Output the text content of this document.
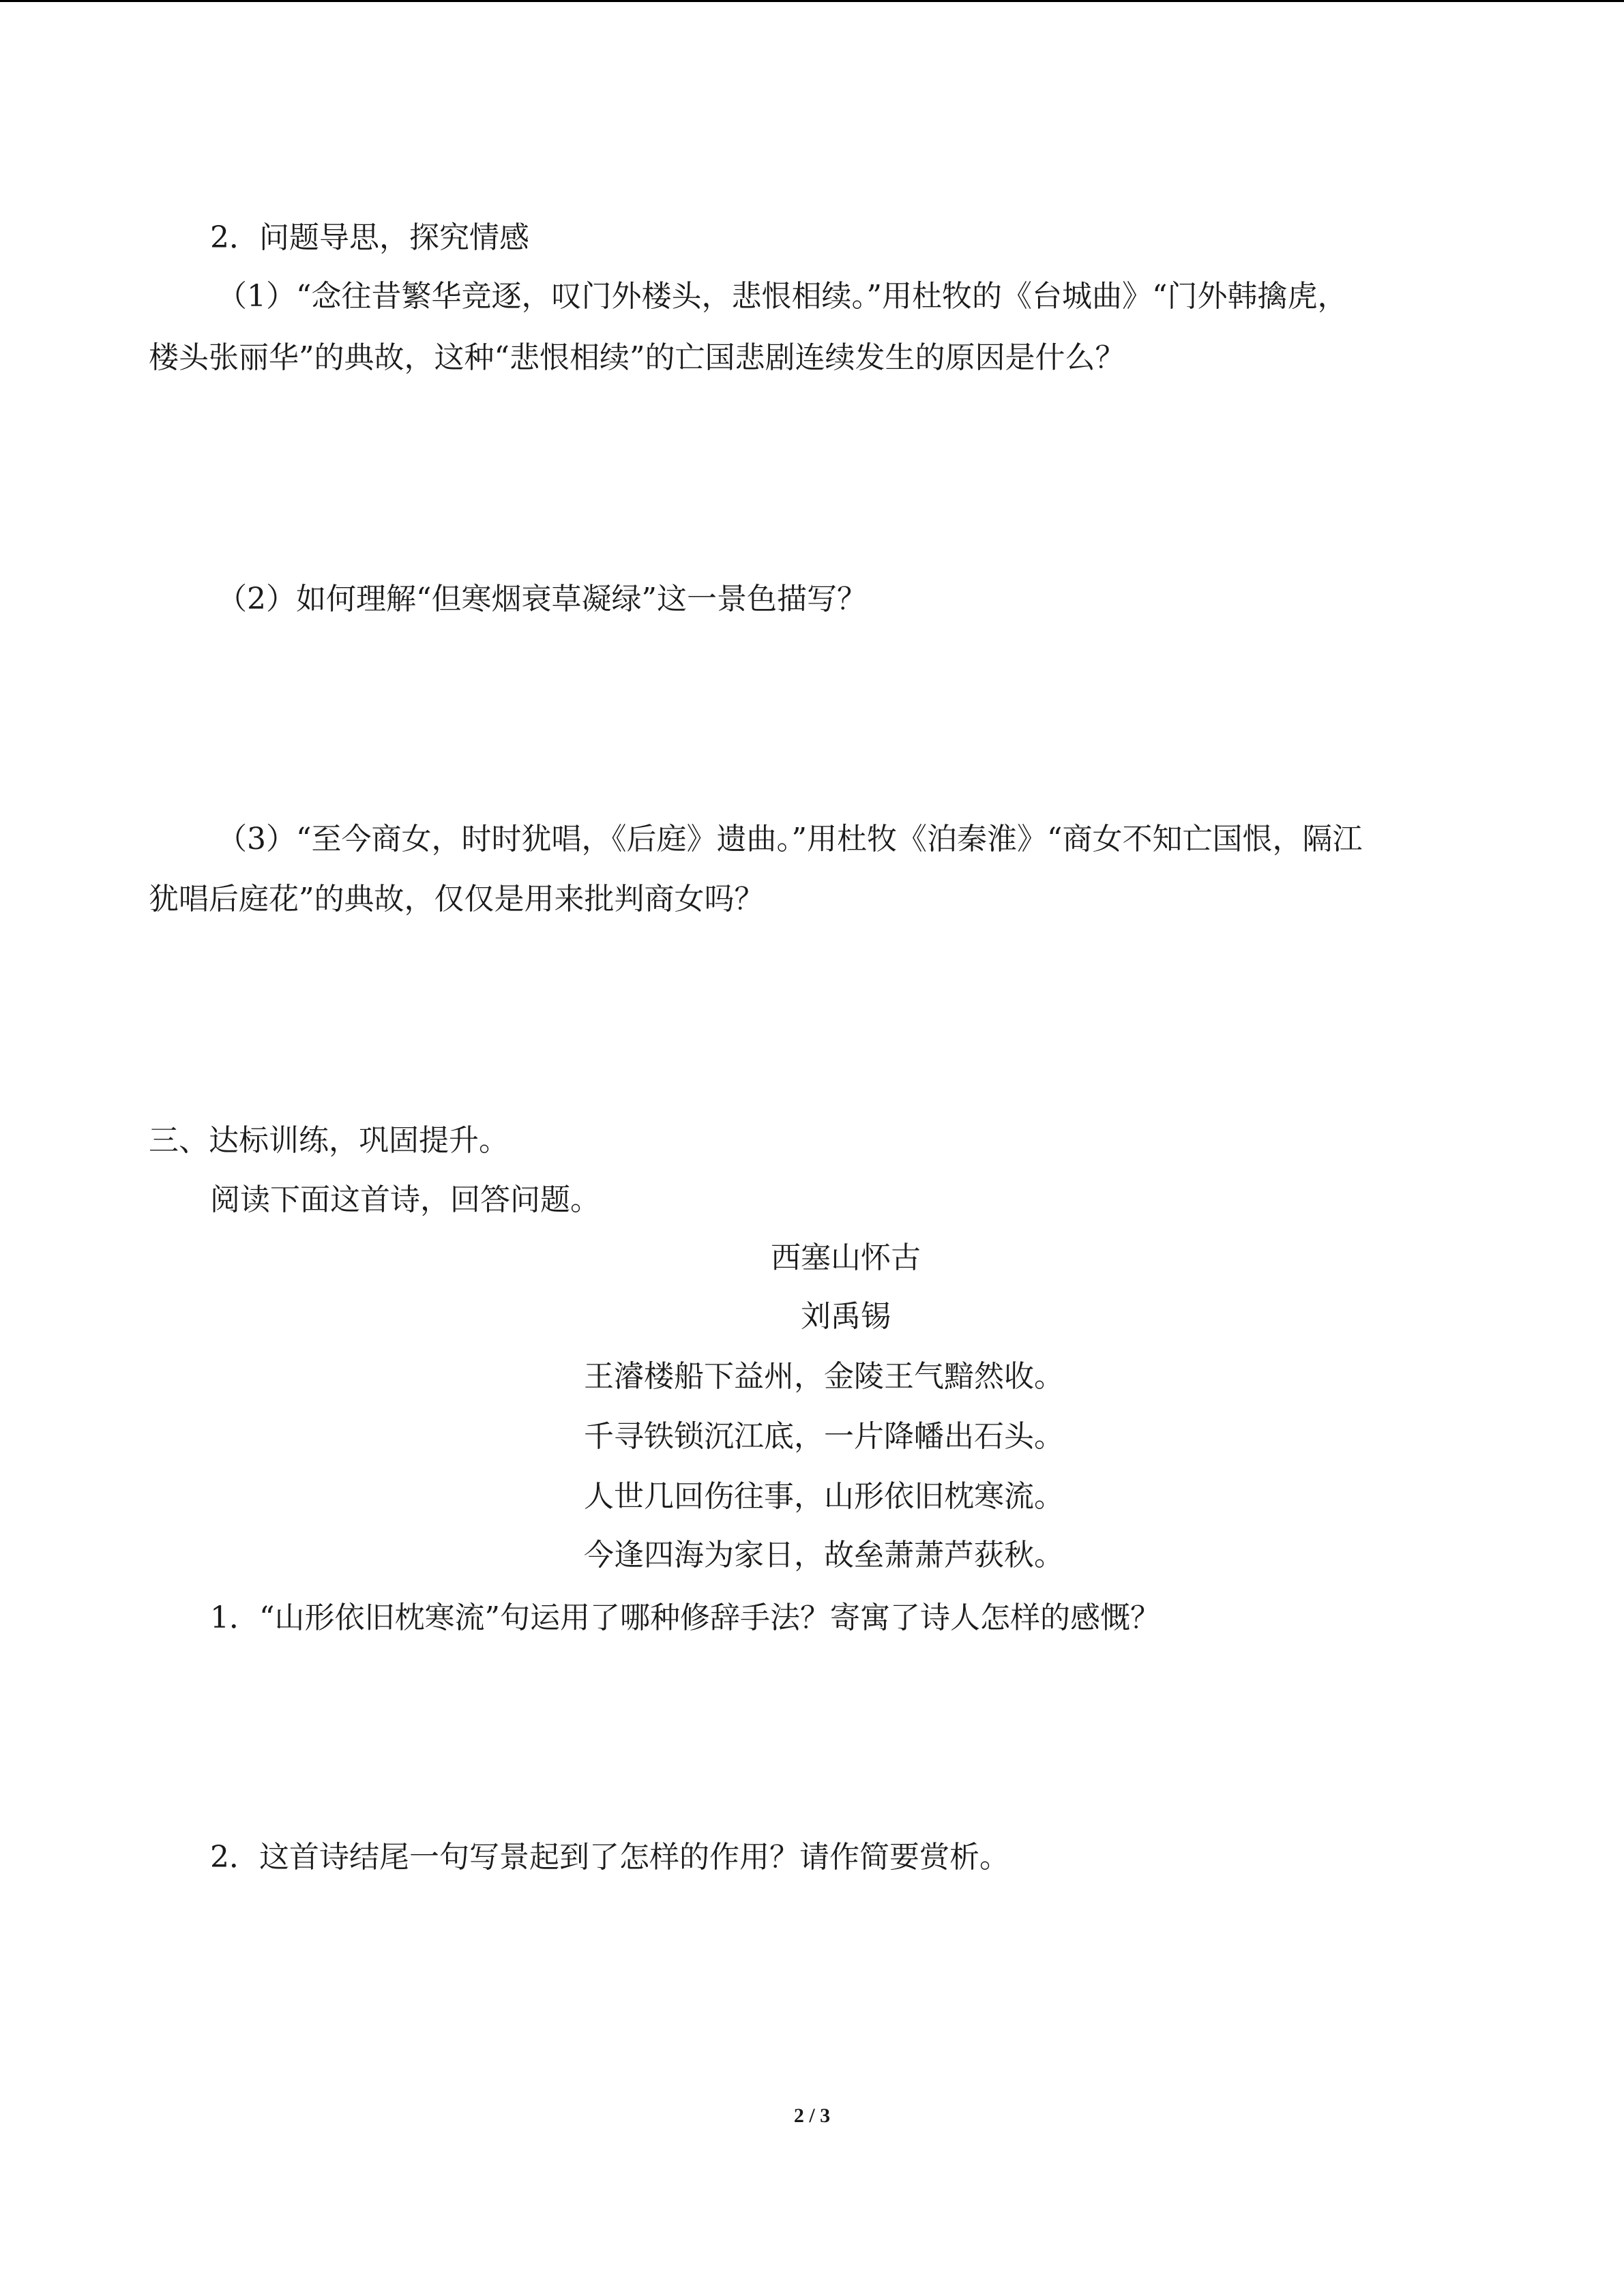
2．问题导思，探究情感
（1）“念往昔繁华竞逐，叹门外楼头，悲恨相续。”用杜牧的《台城曲》“门外韩擒虎，
楼头张丽华”的典故，这种“悲恨相续”的亡国悲剧连续发生的原因是什么？
（2）如何理解“但寒烟衰草凝绿”这一景色描写？
（3）“至今商女，时时犹唱，《后庭》遗曲。”用杜牧《泊秦淮》“商女不知亡国恨，隔江
犹唱后庭花”的典故，仅仅是用来批判商女吗？
三、达标训练，巩固提升。
阅读下面这首诗，回答问题。
西塞山怀古
刘禹锡
王濬楼船下益州，金陵王气黯然收。
千寻铁锁沉江底，一片降幡出石头。
人世几回伤往事，山形依旧枕寒流。
今逢四海为家日，故垒萧萧芦荻秋。
1．“山形依旧枕寒流”句运用了哪种修辞手法？寄寓了诗人怎样的感慨？
2．这首诗结尾一句写景起到了怎样的作用？请作简要赏析。
2 / 3
